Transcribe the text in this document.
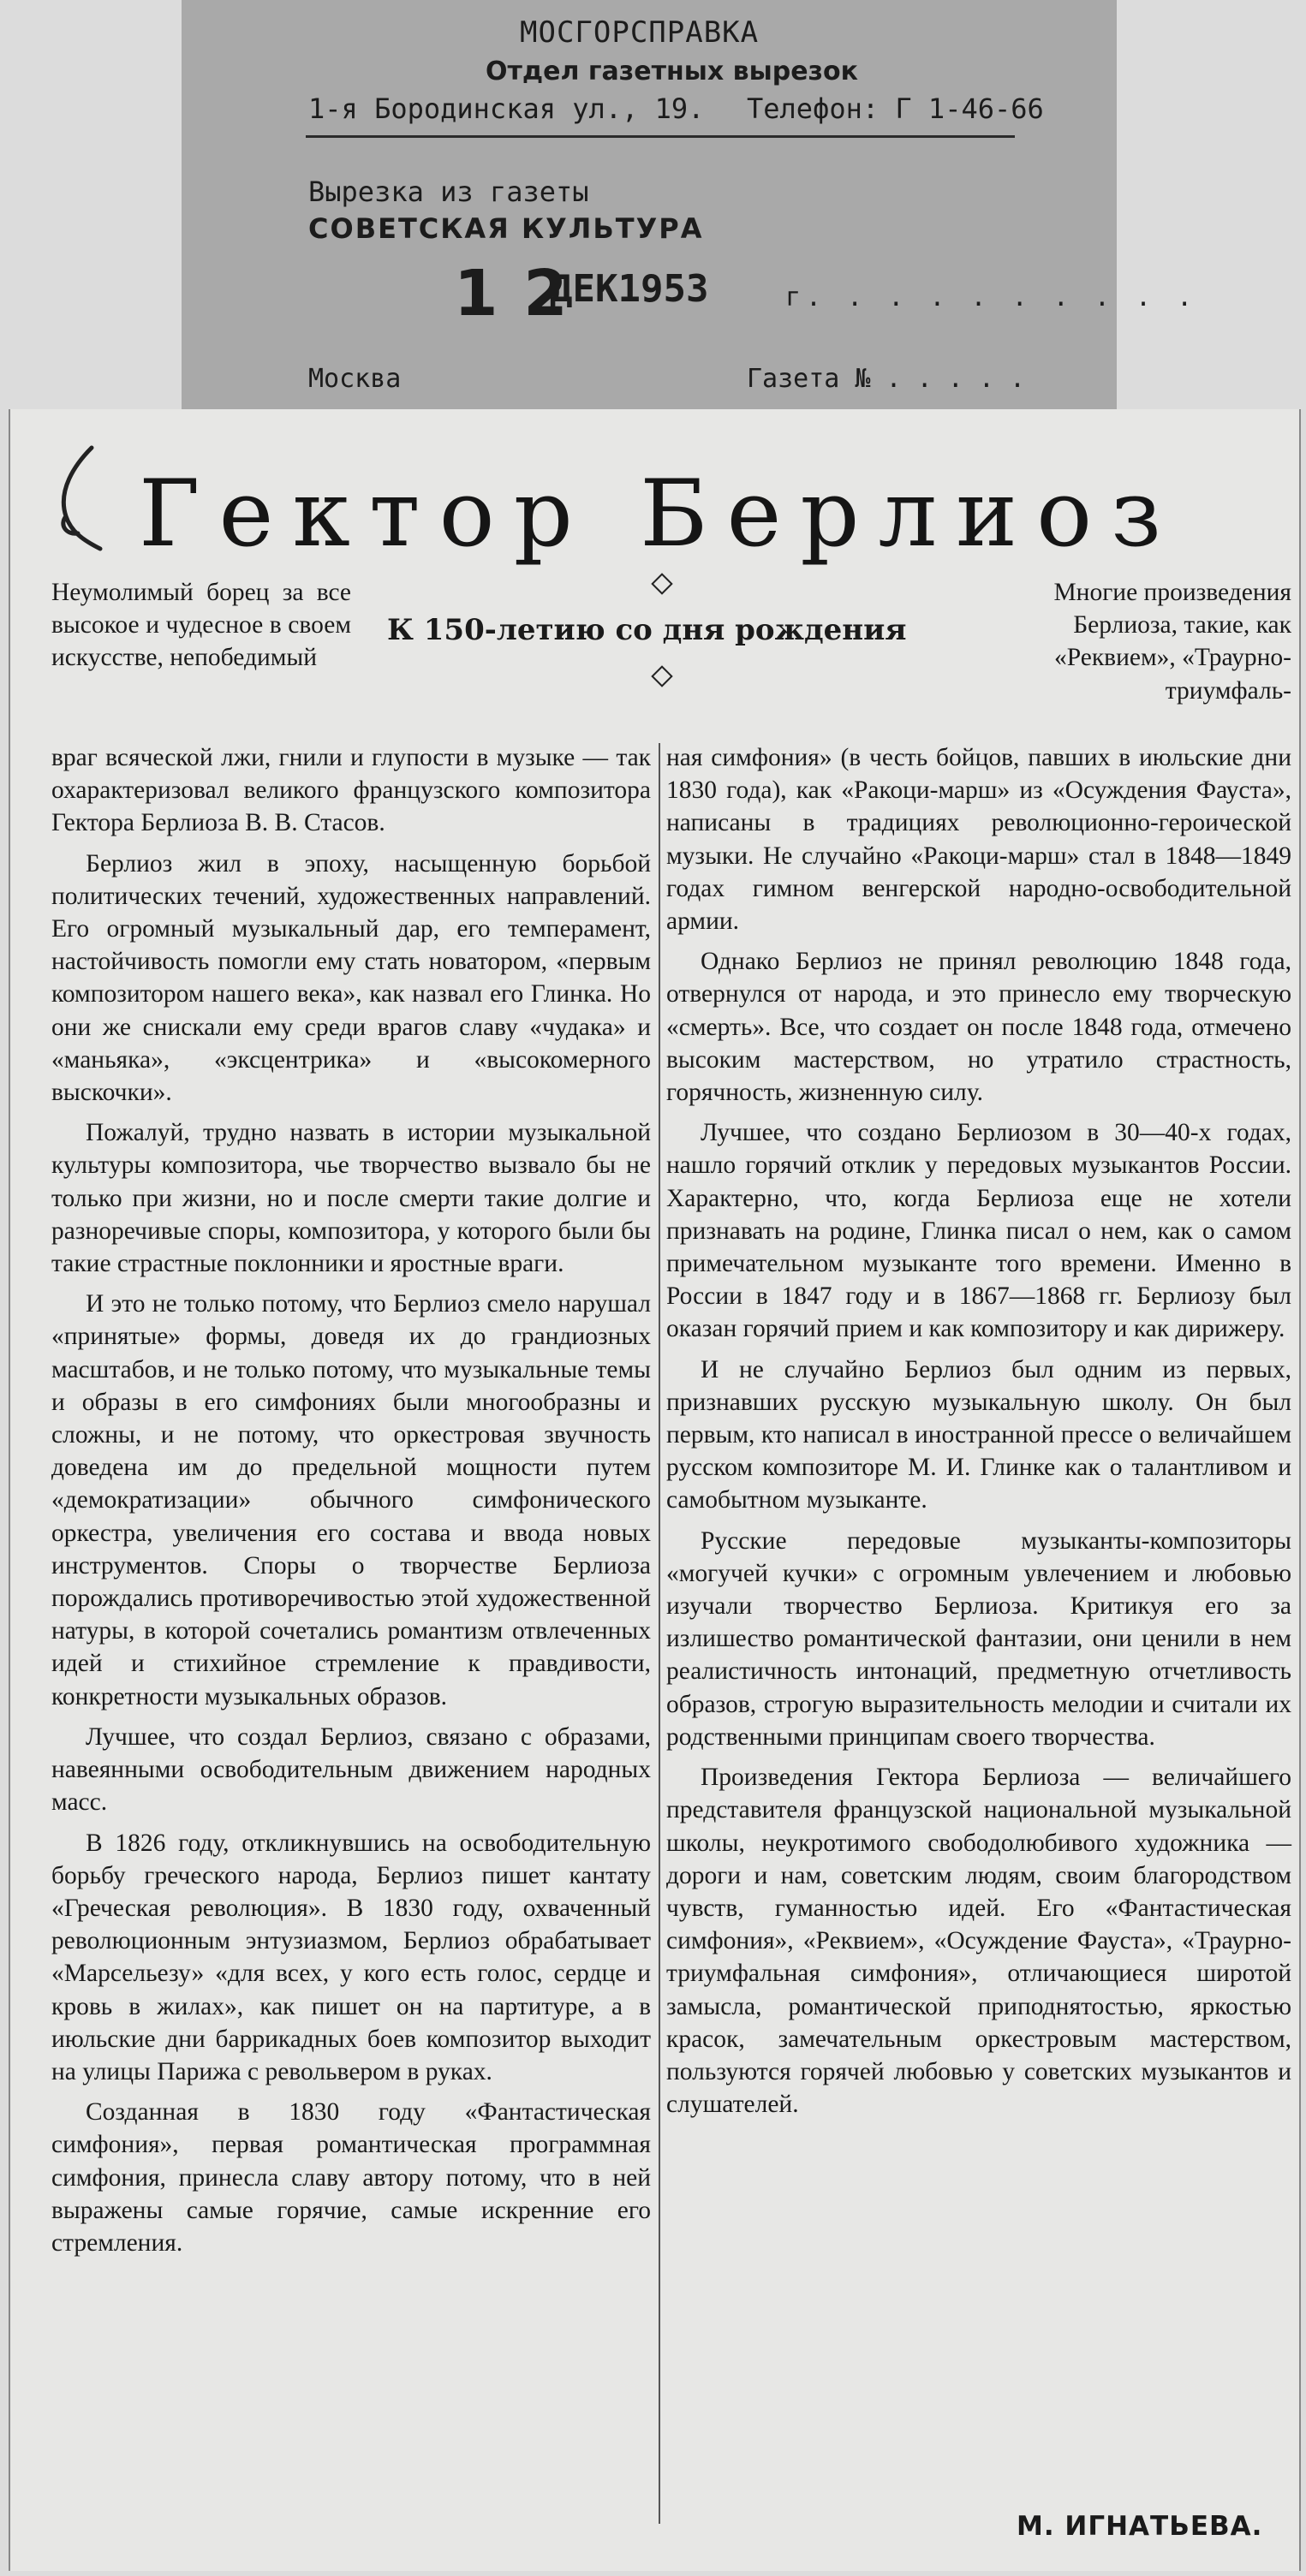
МОСГОРСПРАВКА
Отдел газетных вырезок
1-я Бородинская ул., 19. Телефон: Г 1-46-66
Вырезка из газеты
СОВЕТСКАЯ КУЛЬТУРА
1 2
ДЕК1953	г. . . . . . . . . .
Москва	Газета № . . . . .
Гектор Берлиоз
К 150-летию со дня рождения

Неумолимый борец за все высокое и чудесное в своем искусстве, непобедимый

Многие произведения Берлиоза, такие, как «Реквием», «Траурно-триумфаль-

враг всяческой лжи, гнили и глупости в музыке — так охарактеризовал великого французского композитора Гектора Берлиоза В. В. Стасов.

Берлиоз жил в эпоху, насыщенную борьбой политических течений, художественных направлений. Его огромный музыкальный дар, его темперамент, настойчивость помогли ему стать новатором, «первым композитором нашего века», как назвал его Глинка. Но они же снискали ему среди врагов славу «чудака» и «маньяка», «эксцентрика» и «высокомерного выскочки».

Пожалуй, трудно назвать в истории музыкальной культуры композитора, чье творчество вызвало бы не только при жизни, но и после смерти такие долгие и разноречивые споры, композитора, у которого были бы такие страстные поклонники и яростные враги.

И это не только потому, что Берлиоз смело нарушал «принятые» формы, доведя их до грандиозных масштабов, и не только потому, что музыкальные темы и образы в его симфониях были многообразны и сложны, и не потому, что оркестровая звучность доведена им до предельной мощности путем «демократизации» обычного симфонического оркестра, увеличения его состава и ввода новых инструментов. Споры о творчестве Берлиоза порождались противоречивостью этой художественной натуры, в которой сочетались романтизм отвлеченных идей и стихийное стремление к правдивости, конкретности музыкальных образов.

Лучшее, что создал Берлиоз, связано с образами, навеянными освободительным движением народных масс.

В 1826 году, откликнувшись на освободительную борьбу греческого народа, Берлиоз пишет кантату «Греческая революция». В 1830 году, охваченный революционным энтузиазмом, Берлиоз обрабатывает «Марсельезу» «для всех, у кого есть голос, сердце и кровь в жилах», как пишет он на партитуре, а в июльские дни баррикадных боев композитор выходит на улицы Парижа с револьвером в руках.

Созданная в 1830 году «Фантастическая симфония», первая романтическая программная симфония, принесла славу автору потому, что в ней выражены самые горячие, самые искренние его стремления.

ная симфония» (в честь бойцов, павших в июльские дни 1830 года), как «Ракоци-марш» из «Осуждения Фауста», написаны в традициях революционно-героической музыки. Не случайно «Ракоци-марш» стал в 1848—1849 годах гимном венгерской народно-освободительной армии.

Однако Берлиоз не принял революцию 1848 года, отвернулся от народа, и это принесло ему творческую «смерть». Все, что создает он после 1848 года, отмечено высоким мастерством, но утратило страстность, горячность, жизненную силу.

Лучшее, что создано Берлиозом в 30—40-х годах, нашло горячий отклик у передовых музыкантов России. Характерно, что, когда Берлиоза еще не хотели признавать на родине, Глинка писал о нем, как о самом примечательном музыканте того времени. Именно в России в 1847 году и в 1867—1868 гг. Берлиозу был оказан горячий прием и как композитору и как дирижеру.

И не случайно Берлиоз был одним из первых, признавших русскую музыкальную школу. Он был первым, кто написал в иностранной прессе о величайшем русском композиторе М. И. Глинке как о талантливом и самобытном музыканте.

Русские передовые музыканты-композиторы «могучей кучки» с огромным увлечением и любовью изучали творчество Берлиоза. Критикуя его за излишество романтической фантазии, они ценили в нем реалистичность интонаций, предметную отчетливость образов, строгую выразительность мелодии и считали их родственными принципам своего творчества.

Произведения Гектора Берлиоза — величайшего представителя французской национальной музыкальной школы, неукротимого свободолюбивого художника — дороги и нам, советским людям, своим благородством чувств, гуманностью идей. Его «Фантастическая симфония», «Реквием», «Осуждение Фауста», «Траурно-триумфальная симфония», отличающиеся широтой замысла, романтической приподнятостью, яркостью красок, замечательным оркестровым мастерством, пользуются горячей любовью у советских музыкантов и слушателей.

М. ИГНАТЬЕВА.
